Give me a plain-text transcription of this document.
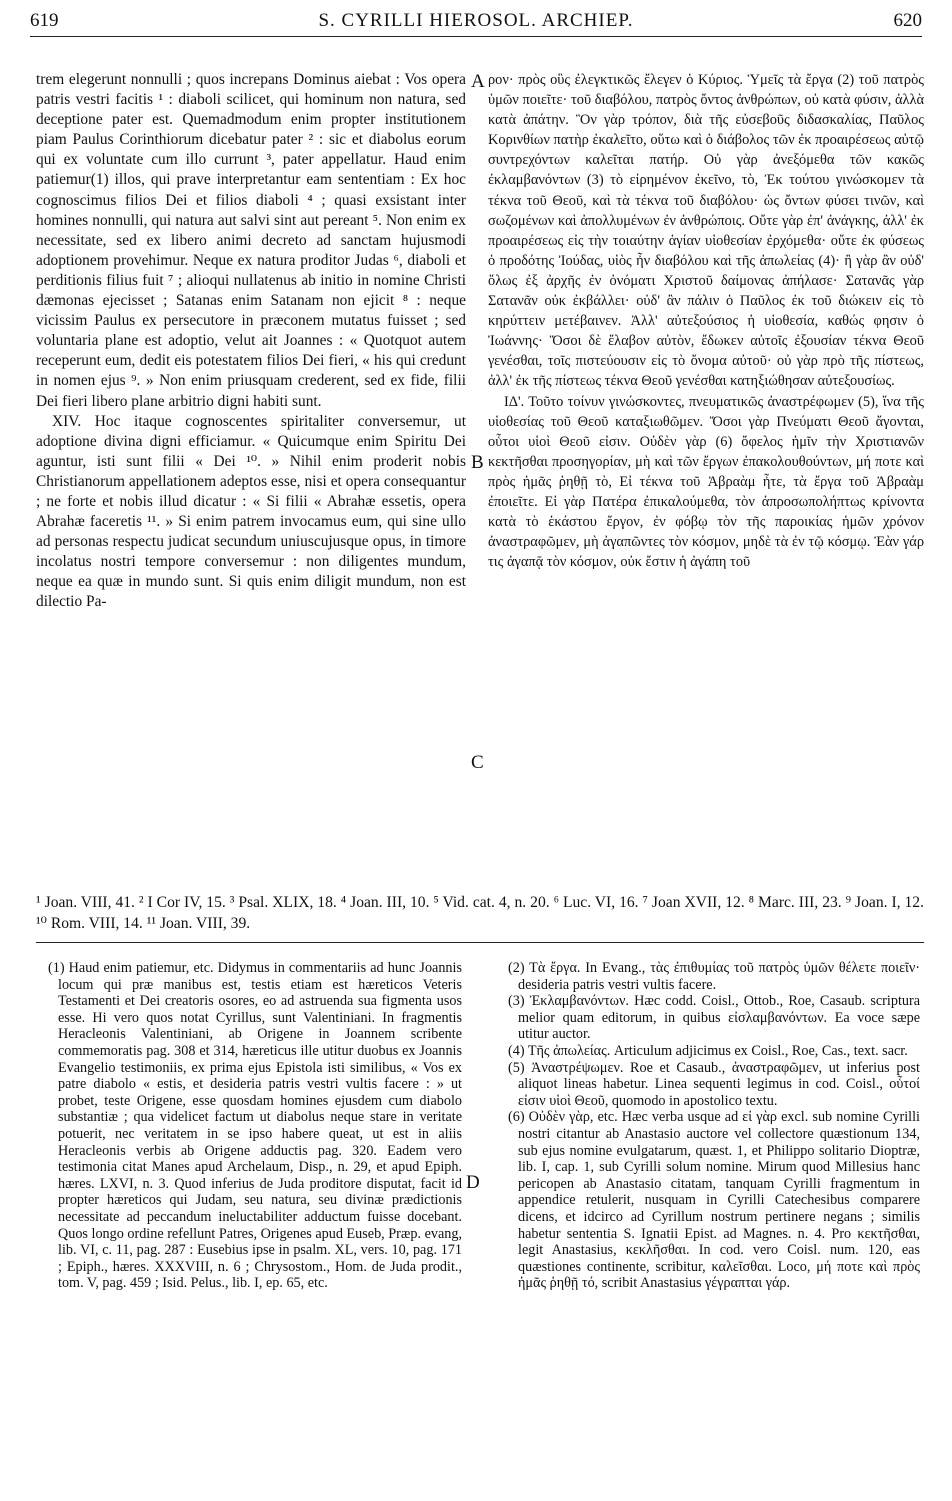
619	S. CYRILLI HIEROSOL. ARCHIEP.	620

trem elegerunt nonnulli ; quos increpans Dominus aiebat : Vos opera patris vestri facitis ¹ : diaboli scilicet, qui hominum non natura, sed deceptione pater est. Quemadmodum enim propter institutionem piam Paulus Corinthiorum dicebatur pater ² : sic et diabolus eorum qui ex voluntate cum illo currunt ³, pater appellatur. Haud enim patiemur(1) illos, qui prave interpretantur eam sententiam : Ex hoc cognoscimus filios Dei et filios diaboli ⁴ ; quasi exsistant inter homines nonnulli, qui natura aut salvi sint aut pereant ⁵. Non enim ex necessitate, sed ex libero animi decreto ad sanctam hujusmodi adoptionem provehimur. Neque ex natura proditor Judas ⁶, diaboli et perditionis filius fuit ⁷ ; alioqui nullatenus ab initio in nomine Christi dæmonas ejecisset ; Satanas enim Satanam non ejicit ⁸ : neque vicissim Paulus ex persecutore in præconem mutatus fuisset ; sed voluntaria plane est adoptio, velut ait Joannes : « Quotquot autem receperunt eum, dedit eis potestatem filios Dei fieri, « his qui credunt in nomen ejus ⁹. » Non enim priusquam crederent, sed ex fide, filii Dei fieri libero plane arbitrio digni habiti sunt.

XIV. Hoc itaque cognoscentes spiritaliter conversemur, ut adoptione divina digni efficiamur. « Quicumque enim Spiritu Dei aguntur, isti sunt filii « Dei ¹⁰. » Nihil enim proderit nobis Christianorum appellationem adeptos esse, nisi et opera consequantur ; ne forte et nobis illud dicatur : « Si filii « Abrahæ essetis, opera Abrahæ faceretis ¹¹. » Si enim patrem invocamus eum, qui sine ullo ad personas respectu judicat secundum uniuscujusque opus, in timore incolatus nostri tempore conversemur : non diligentes mundum, neque ea quæ in mundo sunt. Si quis enim diligit mundum, non est dilectio Pa-

A
B
C
D

ρον· πρὸς οὓς ἐλεγκτικῶς ἔλεγεν ὁ Κύριος. Ὑμεῖς τὰ ἔργα (2) τοῦ πατρὸς ὑμῶν ποιεῖτε· τοῦ διαβόλου, πατρὸς ὄντος ἀνθρώπων, οὐ κατὰ φύσιν, ἀλλὰ κατὰ ἀπάτην. Ὃν γὰρ τρόπον, διὰ τῆς εὐσεβοῦς διδασκαλίας, Παῦλος Κορινθίων πατὴρ ἐκαλεῖτο, οὕτω καὶ ὁ διάβολος τῶν ἐκ προαιρέσεως αὐτῷ συντρεχόντων καλεῖται πατήρ. Οὐ γὰρ ἀνεξόμεθα τῶν κακῶς ἐκλαμβανόντων (3) τὸ εἰρημένον ἐκεῖνο, τὸ, Ἐκ τούτου γινώσκομεν τὰ τέκνα τοῦ Θεοῦ, καὶ τὰ τέκνα τοῦ διαβόλου· ὡς ὄντων φύσει τινῶν, καὶ σωζομένων καὶ ἀπολλυμένων ἐν ἀνθρώποις. Οὔτε γὰρ ἐπ' ἀνάγκης, ἀλλ' ἐκ προαιρέσεως εἰς τὴν τοιαύτην ἁγίαν υἱοθεσίαν ἐρχόμεθα· οὔτε ἐκ φύσεως ὁ προδότης Ἰούδας, υἱὸς ἦν διαβόλου καὶ τῆς ἀπωλείας (4)· ἢ γὰρ ἂν οὐδ' ὅλως ἐξ ἀρχῆς ἐν ὀνόματι Χριστοῦ δαίμονας ἀπήλασε· Σατανᾶς γὰρ Σατανᾶν οὐκ ἐκβάλλει· οὐδ' ἂν πάλιν ὁ Παῦλος ἐκ τοῦ διώκειν εἰς τὸ κηρύττειν μετέβαινεν. Ἀλλ' αὐτεξούσιος ἡ υἱοθεσία, καθώς φησιν ὁ Ἰωάννης· Ὅσοι δὲ ἔλαβον αὐτὸν, ἔδωκεν αὐτοῖς ἐξουσίαν τέκνα Θεοῦ γενέσθαι, τοῖς πιστεύουσιν εἰς τὸ ὄνομα αὐτοῦ· οὐ γὰρ πρὸ τῆς πίστεως, ἀλλ' ἐκ τῆς πίστεως τέκνα Θεοῦ γενέσθαι κατηξιώθησαν αὐτεξουσίως.

ΙΔ'. Τοῦτο τοίνυν γινώσκοντες, πνευματικῶς ἀναστρέφωμεν (5), ἵνα τῆς υἱοθεσίας τοῦ Θεοῦ καταξιωθῶμεν. Ὅσοι γὰρ Πνεύματι Θεοῦ ἄγονται, οὗτοι υἱοὶ Θεοῦ εἰσιν. Οὐδὲν γὰρ (6) ὄφελος ἡμῖν τὴν Χριστιανῶν κεκτῆσθαι προσηγορίαν, μὴ καὶ τῶν ἔργων ἐπακολουθούντων, μή ποτε καὶ πρὸς ἡμᾶς ῥηθῇ τὸ, Εἰ τέκνα τοῦ Ἀβραὰμ ἦτε, τὰ ἔργα τοῦ Ἀβραὰμ ἐποιεῖτε. Εἰ γὰρ Πατέρα ἐπικαλούμεθα, τὸν ἀπροσωπολήπτως κρίνοντα κατὰ τὸ ἑκάστου ἔργον, ἐν φόβῳ τὸν τῆς παροικίας ἡμῶν χρόνον ἀναστραφῶμεν, μὴ ἀγαπῶντες τὸν κόσμον, μηδὲ τὰ ἐν τῷ κόσμῳ. Ἐὰν γάρ τις ἀγαπᾷ τὸν κόσμον, οὐκ ἔστιν ἡ ἀγάπη τοῦ

¹ Joan. VIII, 41. ² I Cor IV, 15. ³ Psal. XLIX, 18. ⁴ Joan. III, 10. ⁵ Vid. cat. 4, n. 20. ⁶ Luc. VI, 16. ⁷ Joan XVII, 12. ⁸ Marc. III, 23. ⁹ Joan. I, 12. ¹⁰ Rom. VIII, 14. ¹¹ Joan. VIII, 39.

(1) Haud enim patiemur, etc. Didymus in commentariis ad hunc Joannis locum qui præ manibus est, testis etiam est hæreticos Veteris Testamenti et Dei creatoris osores, eo ad astruenda sua figmenta usos esse. Hi vero quos notat Cyrillus, sunt Valentiniani. In fragmentis Heracleonis Valentiniani, ab Origene in Joannem scribente commemoratis pag. 308 et 314, hæreticus ille utitur duobus ex Joannis Evangelio testimoniis, ex prima ejus Epistola isti similibus, « Vos ex patre diabolo « estis, et desideria patris vestri vultis facere : » ut probet, teste Origene, esse quosdam homines ejusdem cum diabolo substantiæ ; qua videlicet factum ut diabolus neque stare in veritate potuerit, nec veritatem in se ipso habere queat, ut est in aliis Heracleonis verbis ab Origene adductis pag. 320. Eadem vero testimonia citat Manes apud Archelaum, Disp., n. 29, et apud Epiph. hæres. LXVI, n. 3. Quod inferius de Juda proditore disputat, facit id propter hæreticos qui Judam, seu natura, seu divinæ prædictionis necessitate ad peccandum ineluctabiliter adductum fuisse docebant. Quos longo ordine refellunt Patres, Origenes apud Euseb, Præp. evang, lib. VI, c. 11, pag. 287 : Eusebius ipse in psalm. XL, vers. 10, pag. 171 ; Epiph., hæres. XXXVIII, n. 6 ; Chrysostom., Hom. de Juda prodit., tom. V, pag. 459 ; Isid. Pelus., lib. I, ep. 65, etc.

(2) Τὰ ἔργα. In Evang., τὰς ἐπιθυμίας τοῦ πατρὸς ὑμῶν θέλετε ποιεῖν· desideria patris vestri vultis facere.

(3) Ἐκλαμβανόντων. Hæc codd. Coisl., Ottob., Roe, Casaub. scriptura melior quam editorum, in quibus εἰσλαμβανόντων. Ea voce sæpe utitur auctor.

(4) Τῆς ἀπωλείας. Articulum adjicimus ex Coisl., Roe, Cas., text. sacr.

(5) Ἀναστρέψωμεν. Roe et Casaub., ἀναστραφῶμεν, ut inferius post aliquot lineas habetur. Linea sequenti legimus in cod. Coisl., οὗτοί εἰσιν υἱοὶ Θεοῦ, quomodo in apostolico textu.

(6) Οὐδὲν γὰρ, etc. Hæc verba usque ad εἰ γὰρ excl. sub nomine Cyrilli nostri citantur ab Anastasio auctore vel collectore quæstionum 134, sub ejus nomine evulgatarum, quæst. 1, et Philippo solitario Dioptræ, lib. I, cap. 1, sub Cyrilli solum nomine. Mirum quod Millesius hanc pericopen ab Anastasio citatam, tanquam Cyrilli fragmentum in appendice retulerit, nusquam in Cyrilli Catechesibus comparere dicens, et idcirco ad Cyrillum nostrum pertinere negans ; similis habetur sententia S. Ignatii Epist. ad Magnes. n. 4. Pro κεκτῆσθαι, legit Anastasius, κεκλῆσθαι. In cod. vero Coisl. num. 120, eas quæstiones continente, scribitur, καλεῖσθαι. Loco, μή ποτε καὶ πρὸς ἡμᾶς ῥηθῇ τό, scribit Anastasius γέγραπται γάρ.
